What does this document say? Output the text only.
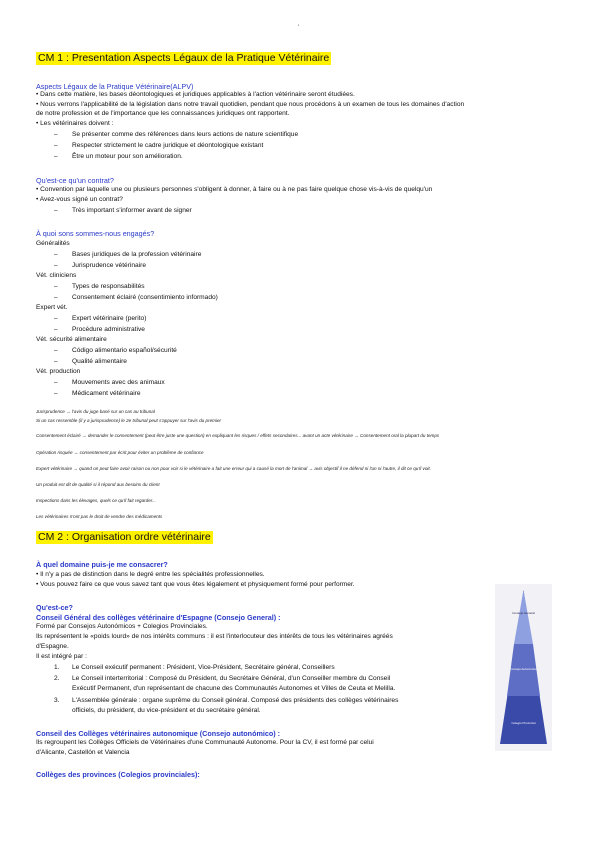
'
CM 1 : Presentation Aspects Légaux de la Pratique Vétérinaire
Aspects Légaux de la Pratique Vétérinaire(ALPV)
• Dans cette matière, les bases déontologiques et juridiques applicables à l'action vétérinaire seront étudiées.
• Nous verrons l'applicabilité de la législation dans notre travail quotidien, pendant que nous procédons à un examen de tous les domaines d'action
de notre profession et de l'importance que les connaissances juridiques ont rapportent.
• Les vétérinaires doivent :
– Se présenter comme des références dans leurs actions de nature scientifique
– Respecter strictement le cadre juridique et déontologique existant
– Être un moteur pour son amélioration.
Qu'est-ce qu'un contrat?
• Convention par laquelle une ou plusieurs personnes s'obligent à donner, à faire ou à ne pas faire quelque chose vis-à-vis de quelqu'un
• Avez-vous signé un contrat?
– Très important s'informer avant de signer
À quoi sons sommes-nous engagés?
Généralités
– Bases juridiques de la profession vétérinaire
– Jurisprudence vétérinaire
Vét. cliniciens
– Types de responsabilités
– Consentement éclairé (consentimiento informado)
Expert vét.
– Expert vétérinaire (perito)
– Procédure administrative
Vét. sécurité alimentaire
– Código alimentario español/sécurité
– Qualité alimentaire
Vét. production
– Mouvements avec des animaux
– Médicament vétérinaire
Jurisprudence → l'avis du juge basé sur un cas au tribunal
Si un cas ressemble (il y a jurisprudence) le 2e tribunal peut s'appuyer sur l'avis du premier
Consentement éclairé → demander le consentement (peut être juste une question) en expliquant les risques / effets secondaires... avant un acte vétérinaire → Consentement oral la plupart du temps
Opération risquée → consentement par écrit pour éviter un problème de confiance
Expert vétérinaire → quand on peut faire avoir raison ou non pour voir si le vétérinaire a fait une erreur qui a causé la mort de l'animal → avis objectif il ne défend ni l'un ni l'autre, il dit ce qu'il voit.
Un produit est dit de qualité si il répond aux besoins du client
Inspections dans les élevages, quels ce qu'il fait regarder...
Les vétérinaires n'ont pas le droit de vendre des médicaments
CM 2 : Organisation ordre vétérinaire
À quel domaine puis-je me consacrer?
• Il n'y a pas de distinction dans le degré entre les spécialités professionnelles.
• Vous pouvez faire ce que vous savez tant que vous êtes légalement et physiquement formé pour performer.
Qu'est-ce?
Conseil Général des collèges vétérinaire d'Espagne (Consejo General) :
Formé par Consejos Autonómicos + Colegios Provinciales.
Ils représentent le «poids lourd» de nos intérêts communs : il est l'interlocuteur des intérêts de tous les vétérinaires agréés
d'Espagne.
Il est intégré par :
1. Le Conseil exécutif permanent : Président, Vice-Président, Secrétaire général, Conseillers
2. Le Conseil interterritorial : Composé du Président, du Secrétaire Général, d'un Conseiller membre du Conseil
Exécutif Permanent, d'un représentant de chacune des Communautés Autonomes et Villes de Ceuta et Melilla.
3. L'Assemblée générale : organe suprême du Conseil général. Composé des présidents des collèges vétérinaires
officiels, du président, du vice-président et du secrétaire général.
Conseil des Collèges vétérinaires autonomique (Consejo autonómico) :
Ils regroupent les Collèges Officiels de Vétérinaires d'une Communauté Autonome. Pour la CV, il est formé par celui
d'Alicante, Castellón et Valencia
Collèges des provinces (Colegios provinciales):
Consejo General
Consejo Autonómico
Colegio Provincial
